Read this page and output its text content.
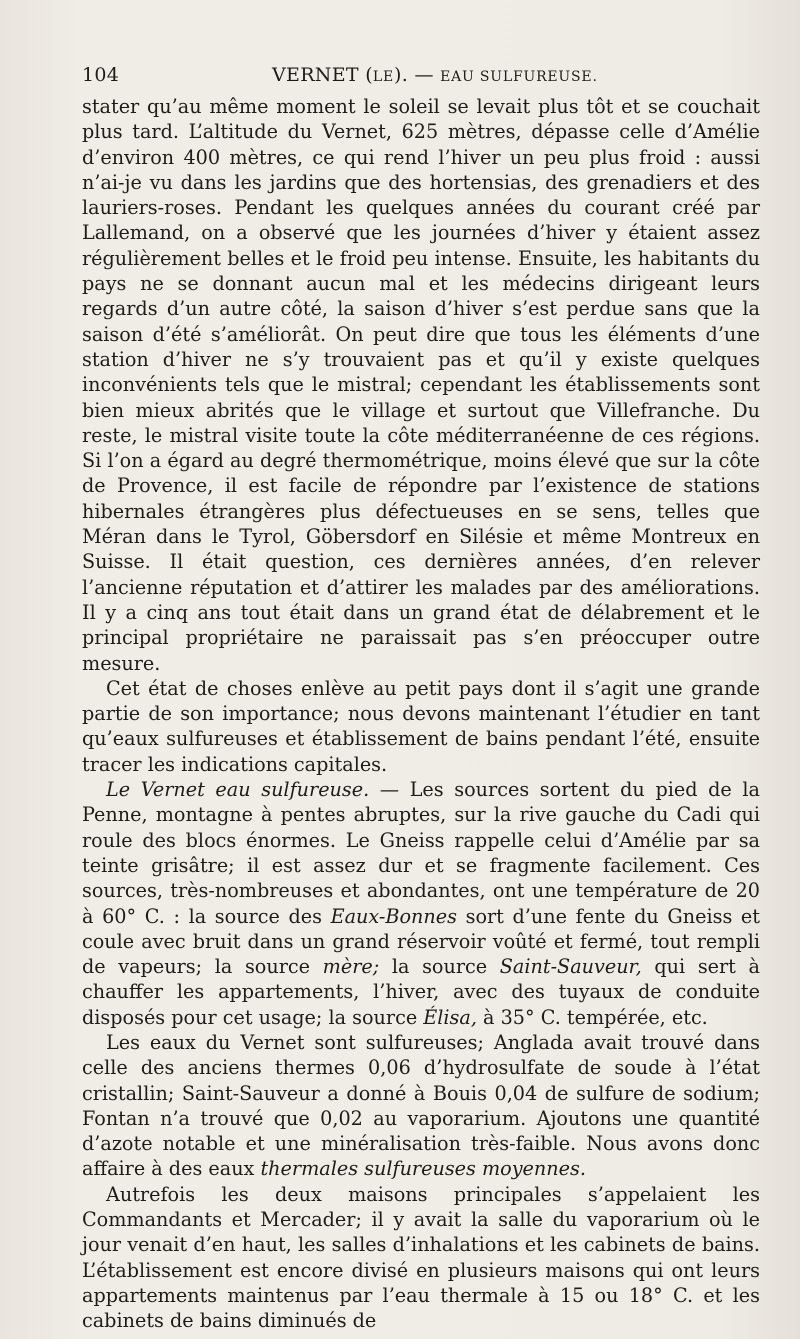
104	VERNET (LE). — EAU SULFUREUSE.

stater qu’au même moment le soleil se levait plus tôt et se couchait plus tard. L’altitude du Vernet, 625 mètres, dépasse celle d’Amélie d’environ 400 mètres, ce qui rend l’hiver un peu plus froid : aussi n’ai-je vu dans les jardins que des hortensias, des grenadiers et des lauriers-roses. Pendant les quelques années du courant créé par Lallemand, on a observé que les journées d’hiver y étaient assez régulièrement belles et le froid peu intense. Ensuite, les habitants du pays ne se donnant aucun mal et les médecins dirigeant leurs regards d’un autre côté, la saison d’hiver s’est perdue sans que la saison d’été s’améliorât. On peut dire que tous les éléments d’une station d’hiver ne s’y trouvaient pas et qu’il y existe quelques inconvénients tels que le mistral; cependant les établissements sont bien mieux abrités que le village et surtout que Villefranche. Du reste, le mistral visite toute la côte méditerranéenne de ces régions. Si l’on a égard au degré thermométrique, moins élevé que sur la côte de Provence, il est facile de répondre par l’existence de stations hibernales étrangères plus défectueuses en se sens, telles que Méran dans le Tyrol, Göbersdorf en Silésie et même Montreux en Suisse. Il était question, ces dernières années, d’en relever l’ancienne réputation et d’attirer les malades par des améliorations. Il y a cinq ans tout était dans un grand état de délabrement et le principal propriétaire ne paraissait pas s’en préoccuper outre mesure.

Cet état de choses enlève au petit pays dont il s’agit une grande partie de son importance; nous devons maintenant l’étudier en tant qu’eaux sulfureuses et établissement de bains pendant l’été, ensuite tracer les indications capitales.

Le Vernet eau sulfureuse. — Les sources sortent du pied de la Penne, montagne à pentes abruptes, sur la rive gauche du Cadi qui roule des blocs énormes. Le Gneiss rappelle celui d’Amélie par sa teinte grisâtre; il est assez dur et se fragmente facilement. Ces sources, très-nombreuses et abondantes, ont une température de 20 à 60° C. : la source des Eaux-Bonnes sort d’une fente du Gneiss et coule avec bruit dans un grand réservoir voûté et fermé, tout rempli de vapeurs; la source mère; la source Saint-Sauveur, qui sert à chauffer les appartements, l’hiver, avec des tuyaux de conduite disposés pour cet usage; la source Élisa, à 35° C. tempérée, etc.

Les eaux du Vernet sont sulfureuses; Anglada avait trouvé dans celle des anciens thermes 0,06 d’hydrosulfate de soude à l’état cristallin; Saint-Sauveur a donné à Bouis 0,04 de sulfure de sodium; Fontan n’a trouvé que 0,02 au vaporarium. Ajoutons une quantité d’azote notable et une minéralisation très-faible. Nous avons donc affaire à des eaux thermales sulfureuses moyennes.

Autrefois les deux maisons principales s’appelaient les Commandants et Mercader; il y avait la salle du vaporarium où le jour venait d’en haut, les salles d’inhalations et les cabinets de bains. L’établissement est encore divisé en plusieurs maisons qui ont leurs appartements maintenus par l’eau thermale à 15 ou 18° C. et les cabinets de bains diminués de
